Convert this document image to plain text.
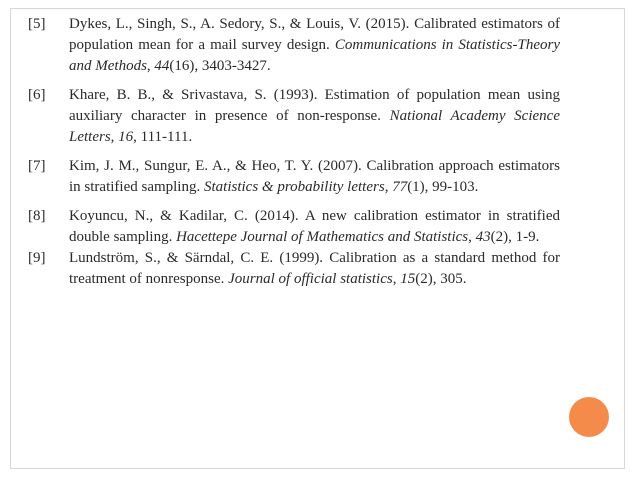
[5]	Dykes, L., Singh, S., A. Sedory, S., & Louis, V. (2015). Calibrated estimators of population mean for a mail survey design. Communications in Statistics-Theory and Methods, 44(16), 3403-3427.
[6]	Khare, B. B., & Srivastava, S. (1993). Estimation of population mean using auxiliary character in presence of non-response. National Academy Science Letters, 16, 111-111.
[7]	Kim, J. M., Sungur, E. A., & Heo, T. Y. (2007). Calibration approach estimators in stratified sampling. Statistics & probability letters, 77(1), 99-103.
[8]	Koyuncu, N., & Kadilar, C. (2014). A new calibration estimator in stratified double sampling. Hacettepe Journal of Mathematics and Statistics, 43(2), 1-9.
[9]	Lundström, S., & Särndal, C. E. (1999). Calibration as a standard method for treatment of nonresponse. Journal of official statistics, 15(2), 305.
